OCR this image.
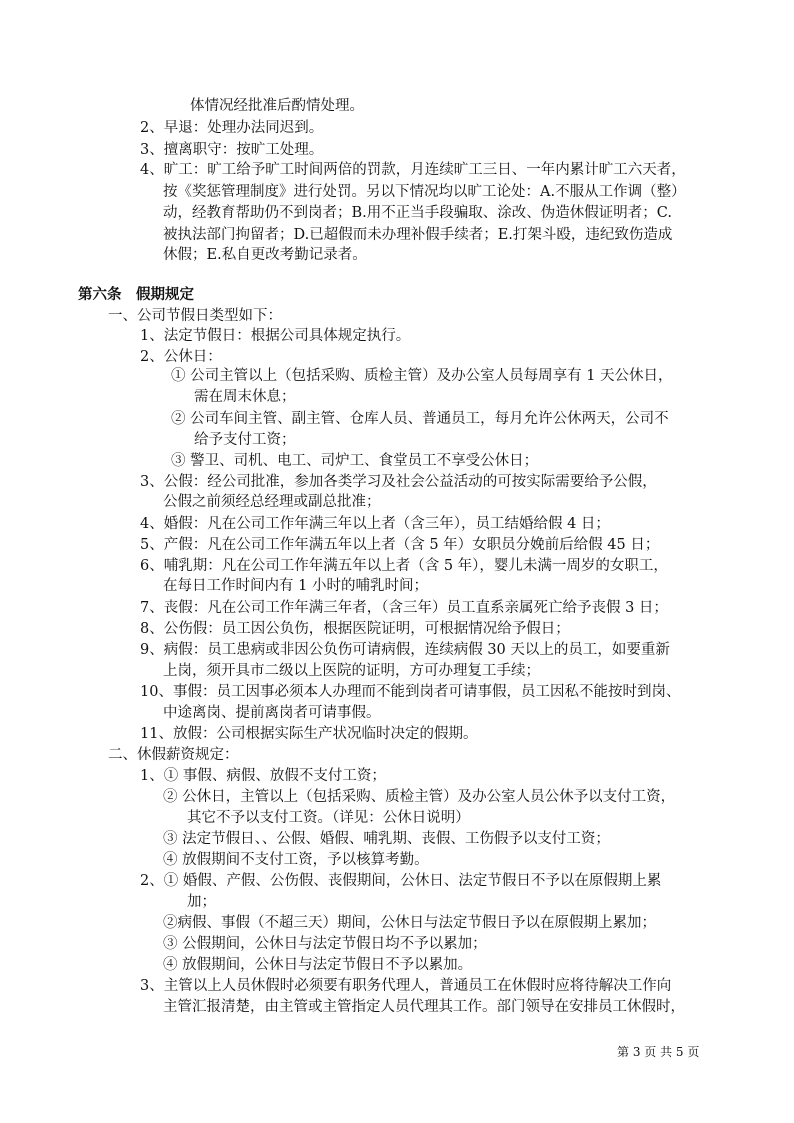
体情况经批准后酌情处理。
2、早退：处理办法同迟到。
3、擅离职守：按旷工处理。
4、旷工：旷工给予旷工时间两倍的罚款，月连续旷工三日、一年内累计旷工六天者，
按《奖惩管理制度》进行处罚。另以下情况均以旷工论处：A.不服从工作调（整）
动，经教育帮助仍不到岗者；B.用不正当手段骗取、涂改、伪造休假证明者；C.
被执法部门拘留者；D.已超假而未办理补假手续者；E.打架斗殴，违纪致伤造成
休假；E.私自更改考勤记录者。
第六条　假期规定
一、公司节假日类型如下：
1、法定节假日：根据公司具体规定执行。
2、公休日：
① 公司主管以上（包括采购、质检主管）及办公室人员每周享有 1 天公休日，
需在周末休息；
② 公司车间主管、副主管、仓库人员、普通员工，每月允许公休两天，公司不
给予支付工资；
③ 警卫、司机、电工、司炉工、食堂员工不享受公休日；
3、公假：经公司批准，参加各类学习及社会公益活动的可按实际需要给予公假，
公假之前须经总经理或副总批准；
4、婚假：凡在公司工作年满三年以上者（含三年），员工结婚给假 4 日；
5、产假：凡在公司工作年满五年以上者（含 5 年）女职员分娩前后给假 45 日；
6、哺乳期：凡在公司工作年满五年以上者（含 5 年），婴儿未满一周岁的女职工，
在每日工作时间内有 1 小时的哺乳时间；
7、丧假：凡在公司工作年满三年者，（含三年）员工直系亲属死亡给予丧假 3 日；
8、公伤假：员工因公负伤，根据医院证明，可根据情况给予假日；
9、病假：员工患病或非因公负伤可请病假，连续病假 30 天以上的员工，如要重新
上岗，须开具市二级以上医院的证明，方可办理复工手续；
10、事假：员工因事必须本人办理而不能到岗者可请事假，员工因私不能按时到岗、
中途离岗、提前离岗者可请事假。
11、放假：公司根据实际生产状况临时决定的假期。
二、休假薪资规定：
1、① 事假、病假、放假不支付工资；
② 公休日，主管以上（包括采购、质检主管）及办公室人员公休予以支付工资，
其它不予以支付工资。（详见：公休日说明）
③ 法定节假日、、公假、婚假、哺乳期、丧假、工伤假予以支付工资；
④ 放假期间不支付工资，予以核算考勤。
2、① 婚假、产假、公伤假、丧假期间，公休日、法定节假日不予以在原假期上累
加；
②病假、事假（不超三天）期间，公休日与法定节假日予以在原假期上累加；
③ 公假期间，公休日与法定节假日均不予以累加；
④ 放假期间，公休日与法定节假日不予以累加。
3、主管以上人员休假时必须要有职务代理人，普通员工在休假时应将待解决工作向
主管汇报清楚，由主管或主管指定人员代理其工作。部门领导在安排员工休假时，
第 3 页 共 5 页
